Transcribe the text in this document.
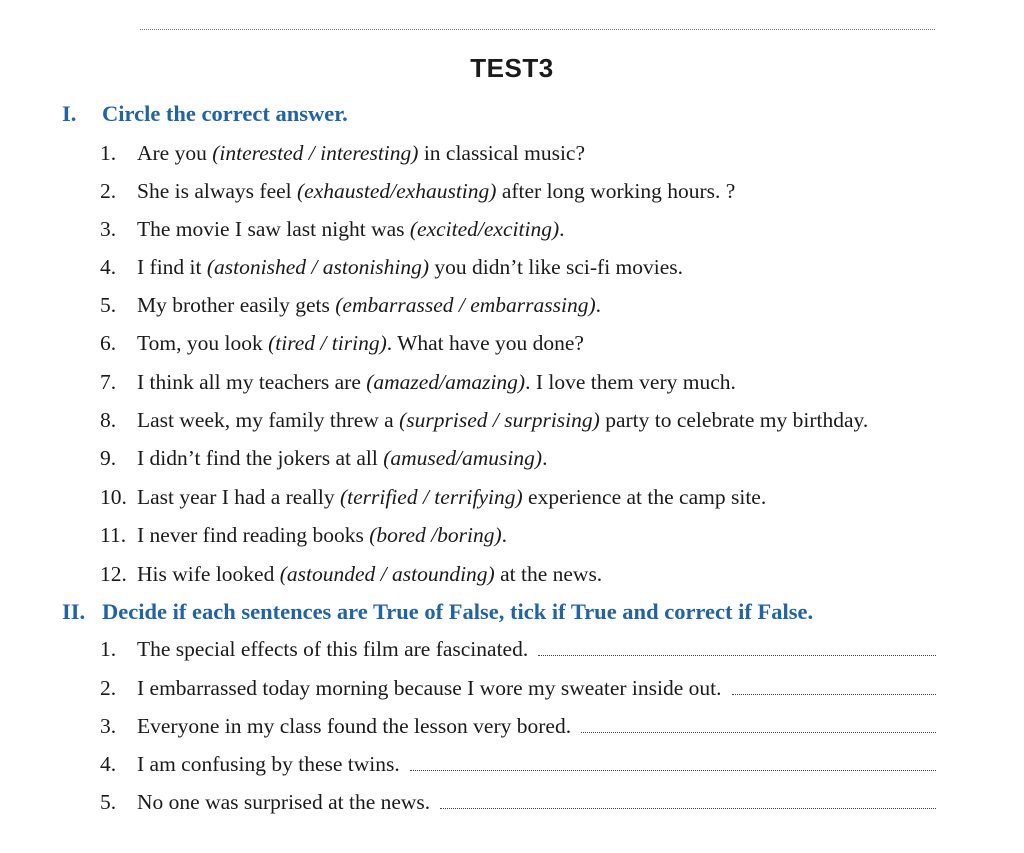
TEST3
I. Circle the correct answer.
1. Are you (interested / interesting) in classical music?
2. She is always feel (exhausted/exhausting) after long working hours. ?
3. The movie I saw last night was (excited/exciting).
4. I find it (astonished / astonishing) you didn’t like sci-fi movies.
5. My brother easily gets (embarrassed / embarrassing).
6. Tom, you look (tired / tiring). What have you done?
7. I think all my teachers are (amazed/amazing). I love them very much.
8. Last week, my family threw a (surprised / surprising) party to celebrate my birthday.
9. I didn’t find the jokers at all (amused/amusing).
10. Last year I had a really (terrified / terrifying) experience at the camp site.
11. I never find reading books (bored /boring).
12. His wife looked (astounded / astounding) at the news.
II. Decide if each sentences are True of False, tick if True and correct if False.
1. The special effects of this film are fascinated.
2. I embarrassed today morning because I wore my sweater inside out.
3. Everyone in my class found the lesson very bored.
4. I am confusing by these twins.
5. No one was surprised at the news.
